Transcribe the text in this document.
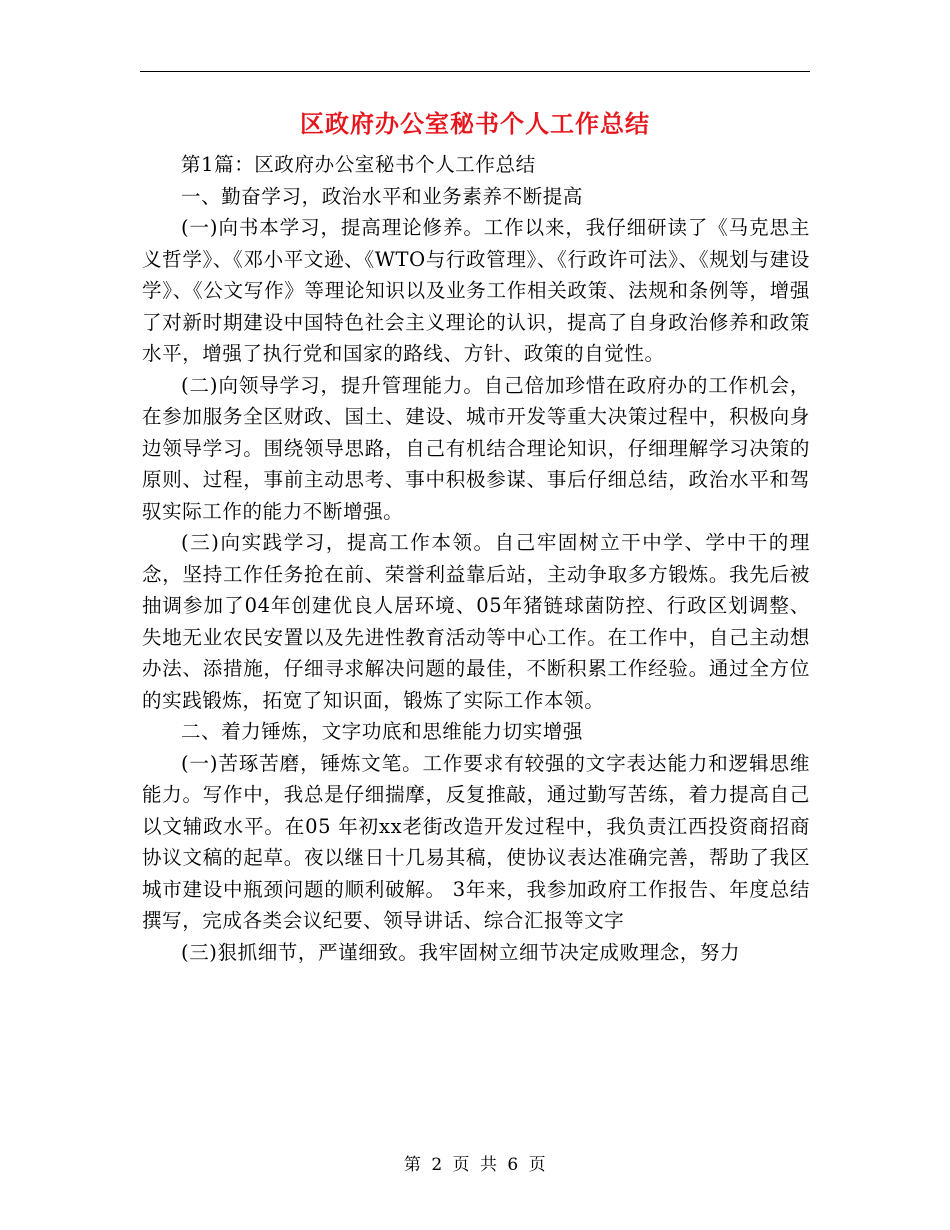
区政府办公室秘书个人工作总结

第1篇：区政府办公室秘书个人工作总结

一、勤奋学习，政治水平和业务素养不断提高

(一)向书本学习，提高理论修养。工作以来，我仔细研读了《马克思主义哲学》、《邓小平文逊、《WTO与行政管理》、《行政许可法》、《规划与建设学》、《公文写作》等理论知识以及业务工作相关政策、法规和条例等，增强了对新时期建设中国特色社会主义理论的认识，提高了自身政治修养和政策水平，增强了执行党和国家的路线、方针、政策的自觉性。

(二)向领导学习，提升管理能力。自己倍加珍惜在政府办的工作机会，在参加服务全区财政、国土、建设、城市开发等重大决策过程中，积极向身边领导学习。围绕领导思路，自己有机结合理论知识，仔细理解学习决策的原则、过程，事前主动思考、事中积极参谋、事后仔细总结，政治水平和驾驭实际工作的能力不断增强。

(三)向实践学习，提高工作本领。自己牢固树立干中学、学中干的理念，坚持工作任务抢在前、荣誉利益靠后站，主动争取多方锻炼。我先后被抽调参加了04年创建优良人居环境、05年猪链球菌防控、行政区划调整、失地无业农民安置以及先进性教育活动等中心工作。在工作中，自己主动想办法、添措施，仔细寻求解决问题的最佳，不断积累工作经验。通过全方位的实践锻炼，拓宽了知识面，锻炼了实际工作本领。

二、着力锤炼，文字功底和思维能力切实增强

(一)苦琢苦磨，锤炼文笔。工作要求有较强的文字表达能力和逻辑思维能力。写作中，我总是仔细揣摩，反复推敲，通过勤写苦练，着力提高自己以文辅政水平。在05 年初xx老街改造开发过程中，我负责江西投资商招商协议文稿的起草。夜以继日十几易其稿，使协议表达准确完善，帮助了我区城市建设中瓶颈问题的顺利破解。 3年来，我参加政府工作报告、年度总结撰写，完成各类会议纪要、领导讲话、综合汇报等文字

(三)狠抓细节，严谨细致。我牢固树立细节决定成败理念，努力

第 2 页 共 6 页
